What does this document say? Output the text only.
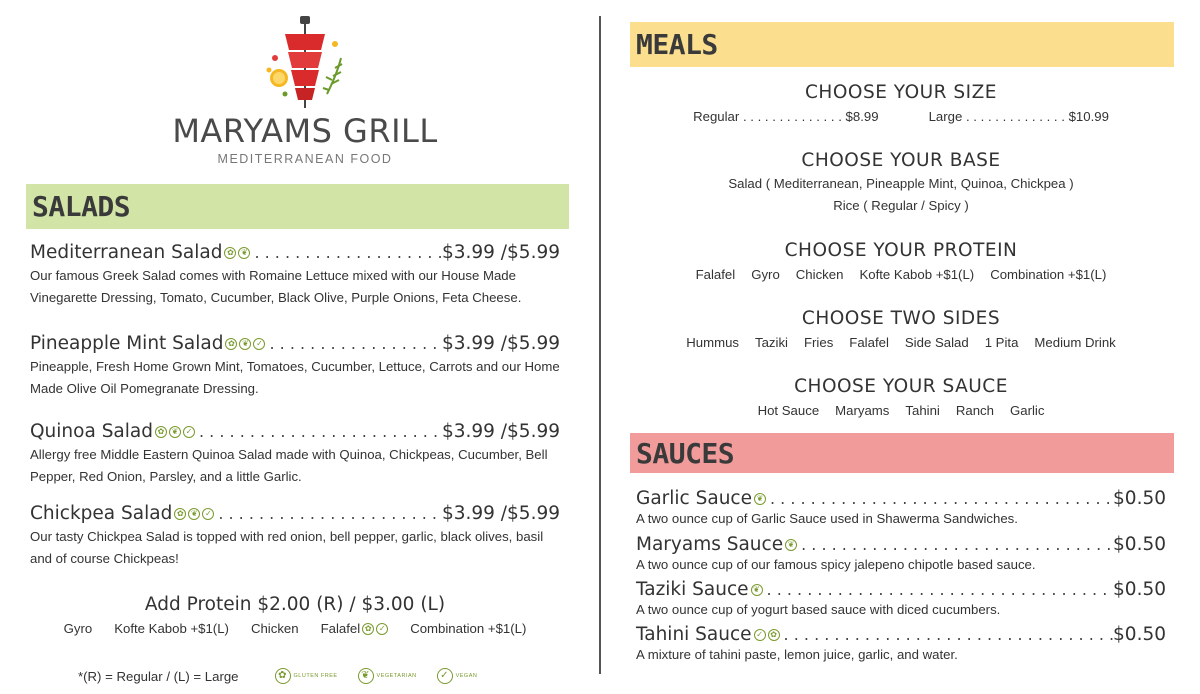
MARYAMS GRILL
MEDITERRANEAN FOOD
SALADS
Mediterranean Salad ✿ ❦ . . .	$3.99 /$5.99
Our famous Greek Salad comes with Romaine Lettuce mixed with our House Made Vinegarette Dressing, Tomato, Cucumber, Black Olive, Purple Onions, Feta Cheese.
Pineapple Mint Salad ✿ ❦ ✓ . . .	$3.99 /$5.99
Pineapple, Fresh Home Grown Mint, Tomatoes, Cucumber, Lettuce, Carrots and our Home Made Olive Oil Pomegranate Dressing.
Quinoa Salad ✿ ❦ ✓ . . .	$3.99 /$5.99
Allergy free Middle Eastern Quinoa Salad made with Quinoa, Chickpeas, Cucumber, Bell Pepper, Red Onion, Parsley, and a little Garlic.
Chickpea Salad ✿ ❦ ✓ . . .	$3.99 /$5.99
Our tasty Chickpea Salad is topped with red onion, bell pepper, garlic, black olives, basil and of course Chickpeas!
Add Protein $2.00 (R) / $3.00 (L)
Gyro Kofte Kabob +$1(L) Chicken Falafel ✿ ✓ Combination +$1(L)
*(R) = Regular / (L) = Large	✿	GLUTEN FREE	❦	VEGETARIAN	✓	VEGAN
MEALS
CHOOSE YOUR SIZE
Regular . . . . . . . . . . . . . . $8.99	Large . . . . . . . . . . . . . . $10.99
CHOOSE YOUR BASE
Salad ( Mediterranean, Pineapple Mint, Quinoa, Chickpea )
Rice ( Regular / Spicy )
CHOOSE YOUR PROTEIN
Falafel Gyro Chicken Kofte Kabob +$1(L) Combination +$1(L)
CHOOSE TWO SIDES
Hummus Taziki Fries Falafel Side Salad 1 Pita Medium Drink
CHOOSE YOUR SAUCE
Hot Sauce Maryams Tahini Ranch Garlic
SAUCES
Garlic Sauce ❦ . . .	$0.50
A two ounce cup of Garlic Sauce used in Shawerma Sandwiches.
Maryams Sauce ❦ . . .	$0.50
A two ounce cup of our famous spicy jalepeno chipotle based sauce.
Taziki Sauce ❦ . . .	$0.50
A two ounce cup of yogurt based sauce with diced cucumbers.
Tahini Sauce ✓ ✿ . . .	$0.50
A mixture of tahini paste, lemon juice, garlic, and water.
